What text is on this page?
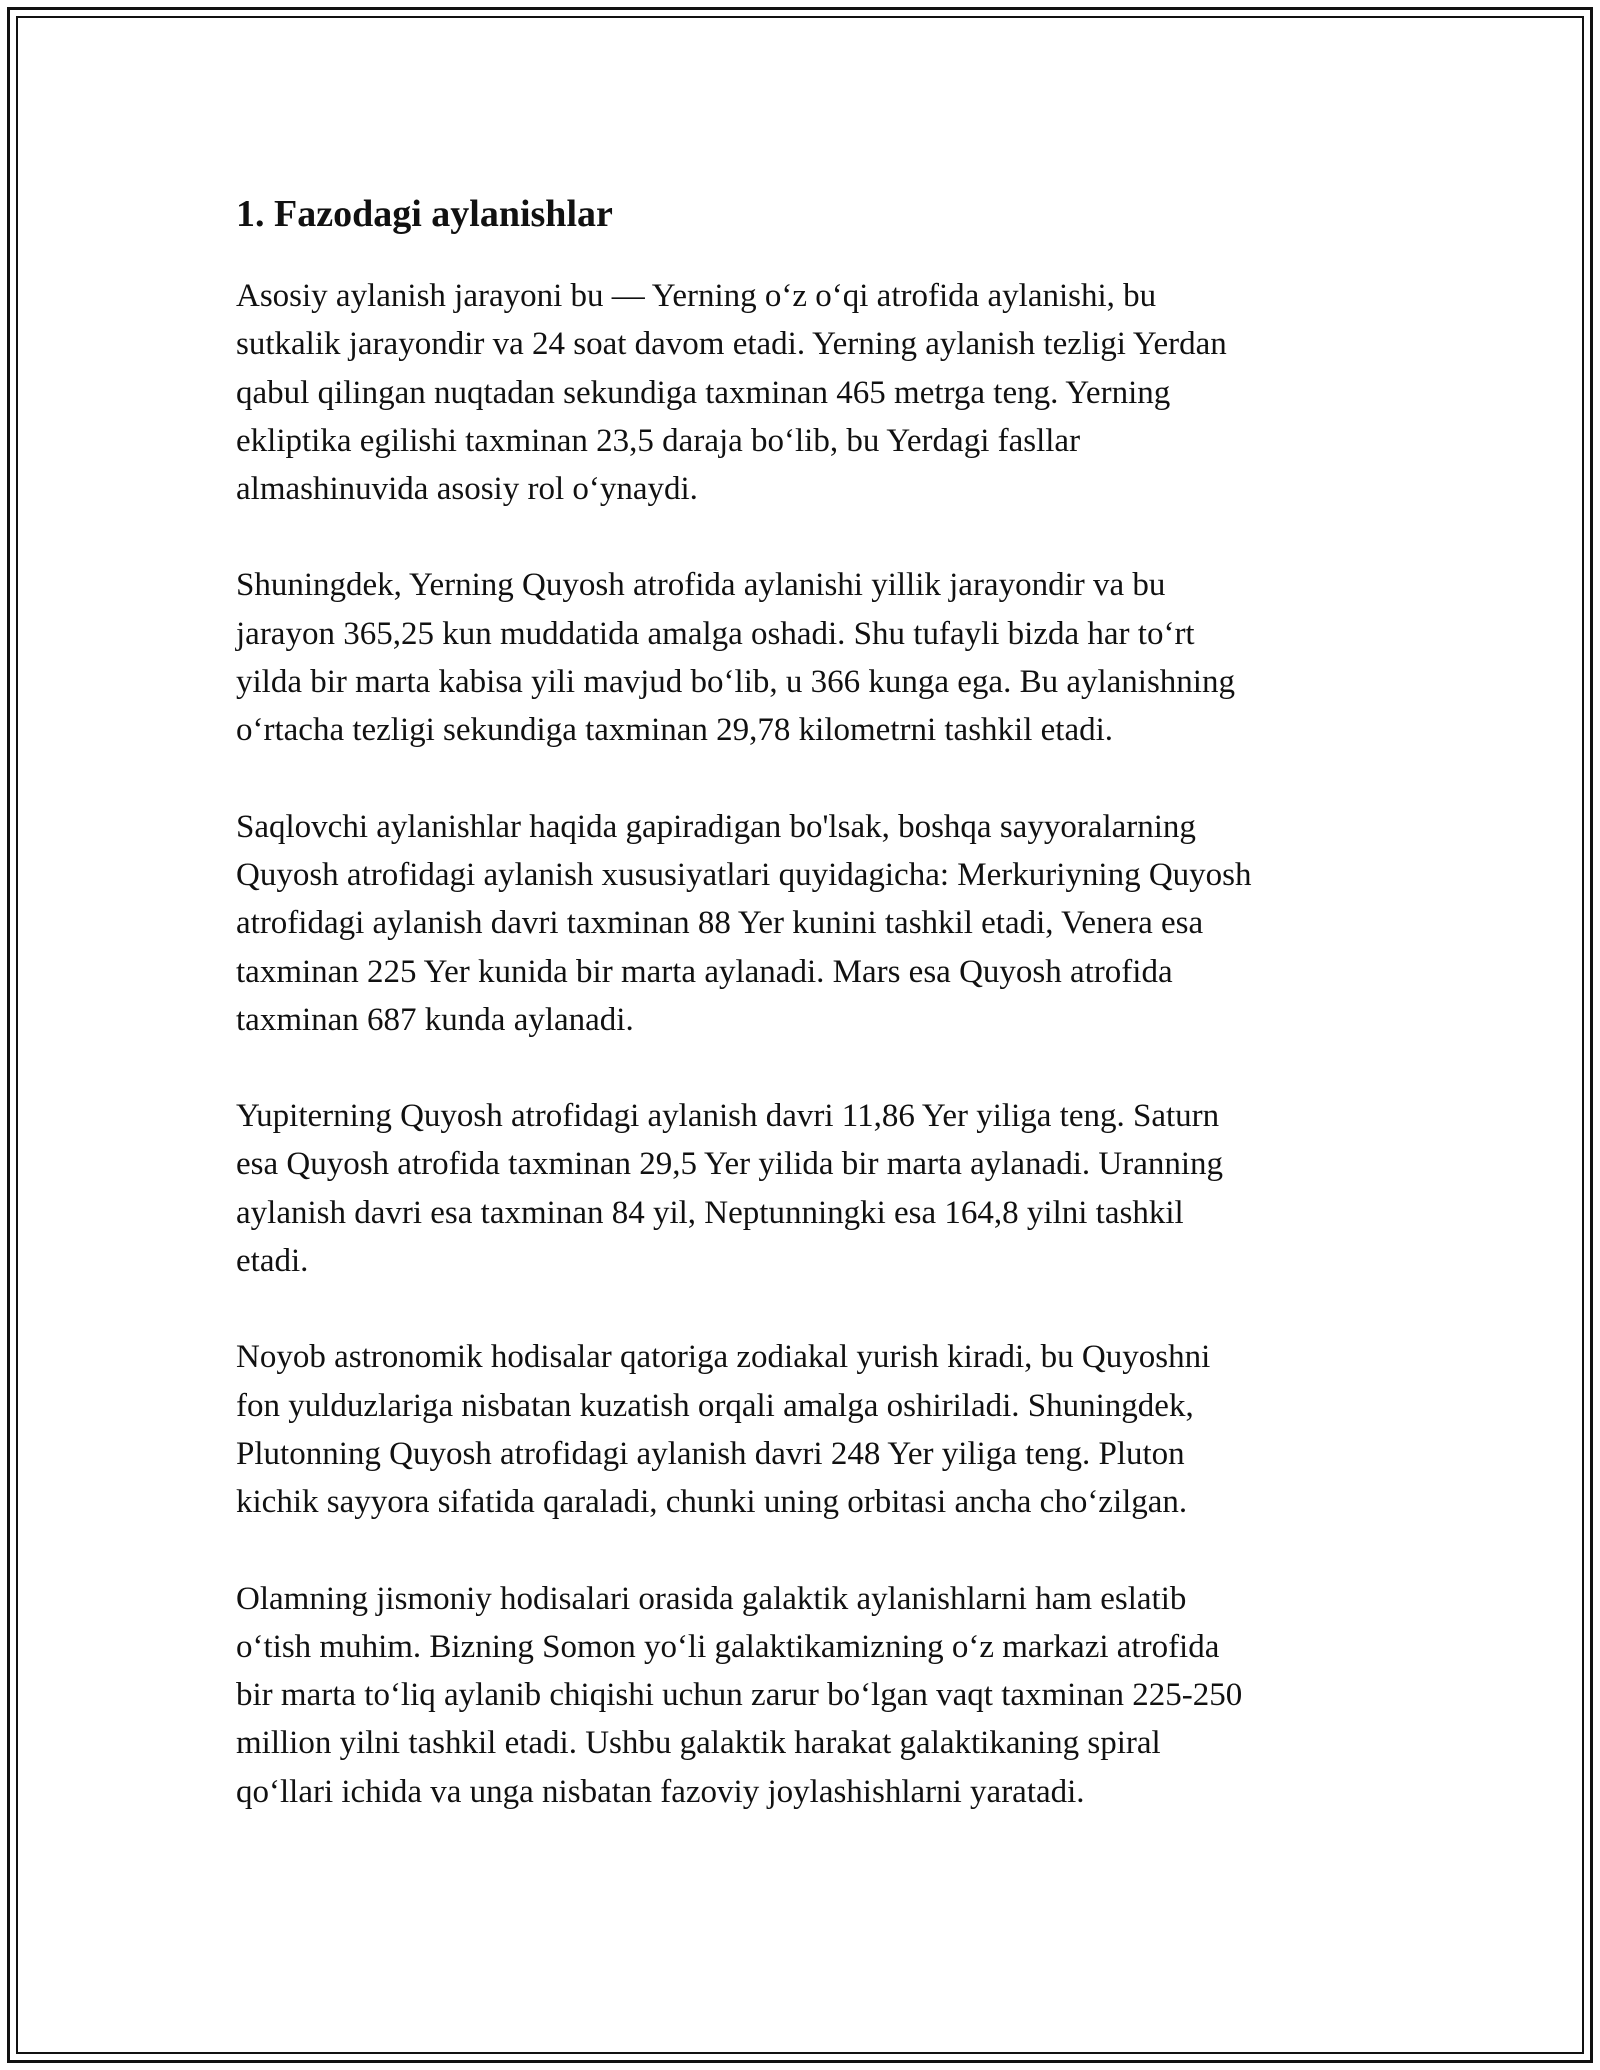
1. Fazodagi aylanishlar

Asosiy aylanish jarayoni bu — Yerning oʻz oʻqi atrofida aylanishi, bu
sutkalik jarayondir va 24 soat davom etadi. Yerning aylanish tezligi Yerdan
qabul qilingan nuqtadan sekundiga taxminan 465 metrga teng. Yerning
ekliptika egilishi taxminan 23,5 daraja boʻlib, bu Yerdagi fasllar
almashinuvida asosiy rol oʻynaydi.

Shuningdek, Yerning Quyosh atrofida aylanishi yillik jarayondir va bu
jarayon 365,25 kun muddatida amalga oshadi. Shu tufayli bizda har toʻrt
yilda bir marta kabisa yili mavjud boʻlib, u 366 kunga ega. Bu aylanishning
oʻrtacha tezligi sekundiga taxminan 29,78 kilometrni tashkil etadi.

Saqlovchi aylanishlar haqida gapiradigan bo'lsak, boshqa sayyoralarning
Quyosh atrofidagi aylanish xususiyatlari quyidagicha: Merkuriyning Quyosh
atrofidagi aylanish davri taxminan 88 Yer kunini tashkil etadi, Venera esa
taxminan 225 Yer kunida bir marta aylanadi. Mars esa Quyosh atrofida
taxminan 687 kunda aylanadi.

Yupiterning Quyosh atrofidagi aylanish davri 11,86 Yer yiliga teng. Saturn
esa Quyosh atrofida taxminan 29,5 Yer yilida bir marta aylanadi. Uranning
aylanish davri esa taxminan 84 yil, Neptunningki esa 164,8 yilni tashkil
etadi.

Noyob astronomik hodisalar qatoriga zodiakal yurish kiradi, bu Quyoshni
fon yulduzlariga nisbatan kuzatish orqali amalga oshiriladi. Shuningdek,
Plutonning Quyosh atrofidagi aylanish davri 248 Yer yiliga teng. Pluton
kichik sayyora sifatida qaraladi, chunki uning orbitasi ancha choʻzilgan.

Olamning jismoniy hodisalari orasida galaktik aylanishlarni ham eslatib
oʻtish muhim. Bizning Somon yoʻli galaktikamizning oʻz markazi atrofida
bir marta toʻliq aylanib chiqishi uchun zarur boʻlgan vaqt taxminan 225-250
million yilni tashkil etadi. Ushbu galaktik harakat galaktikaning spiral
qoʻllari ichida va unga nisbatan fazoviy joylashishlarni yaratadi.
